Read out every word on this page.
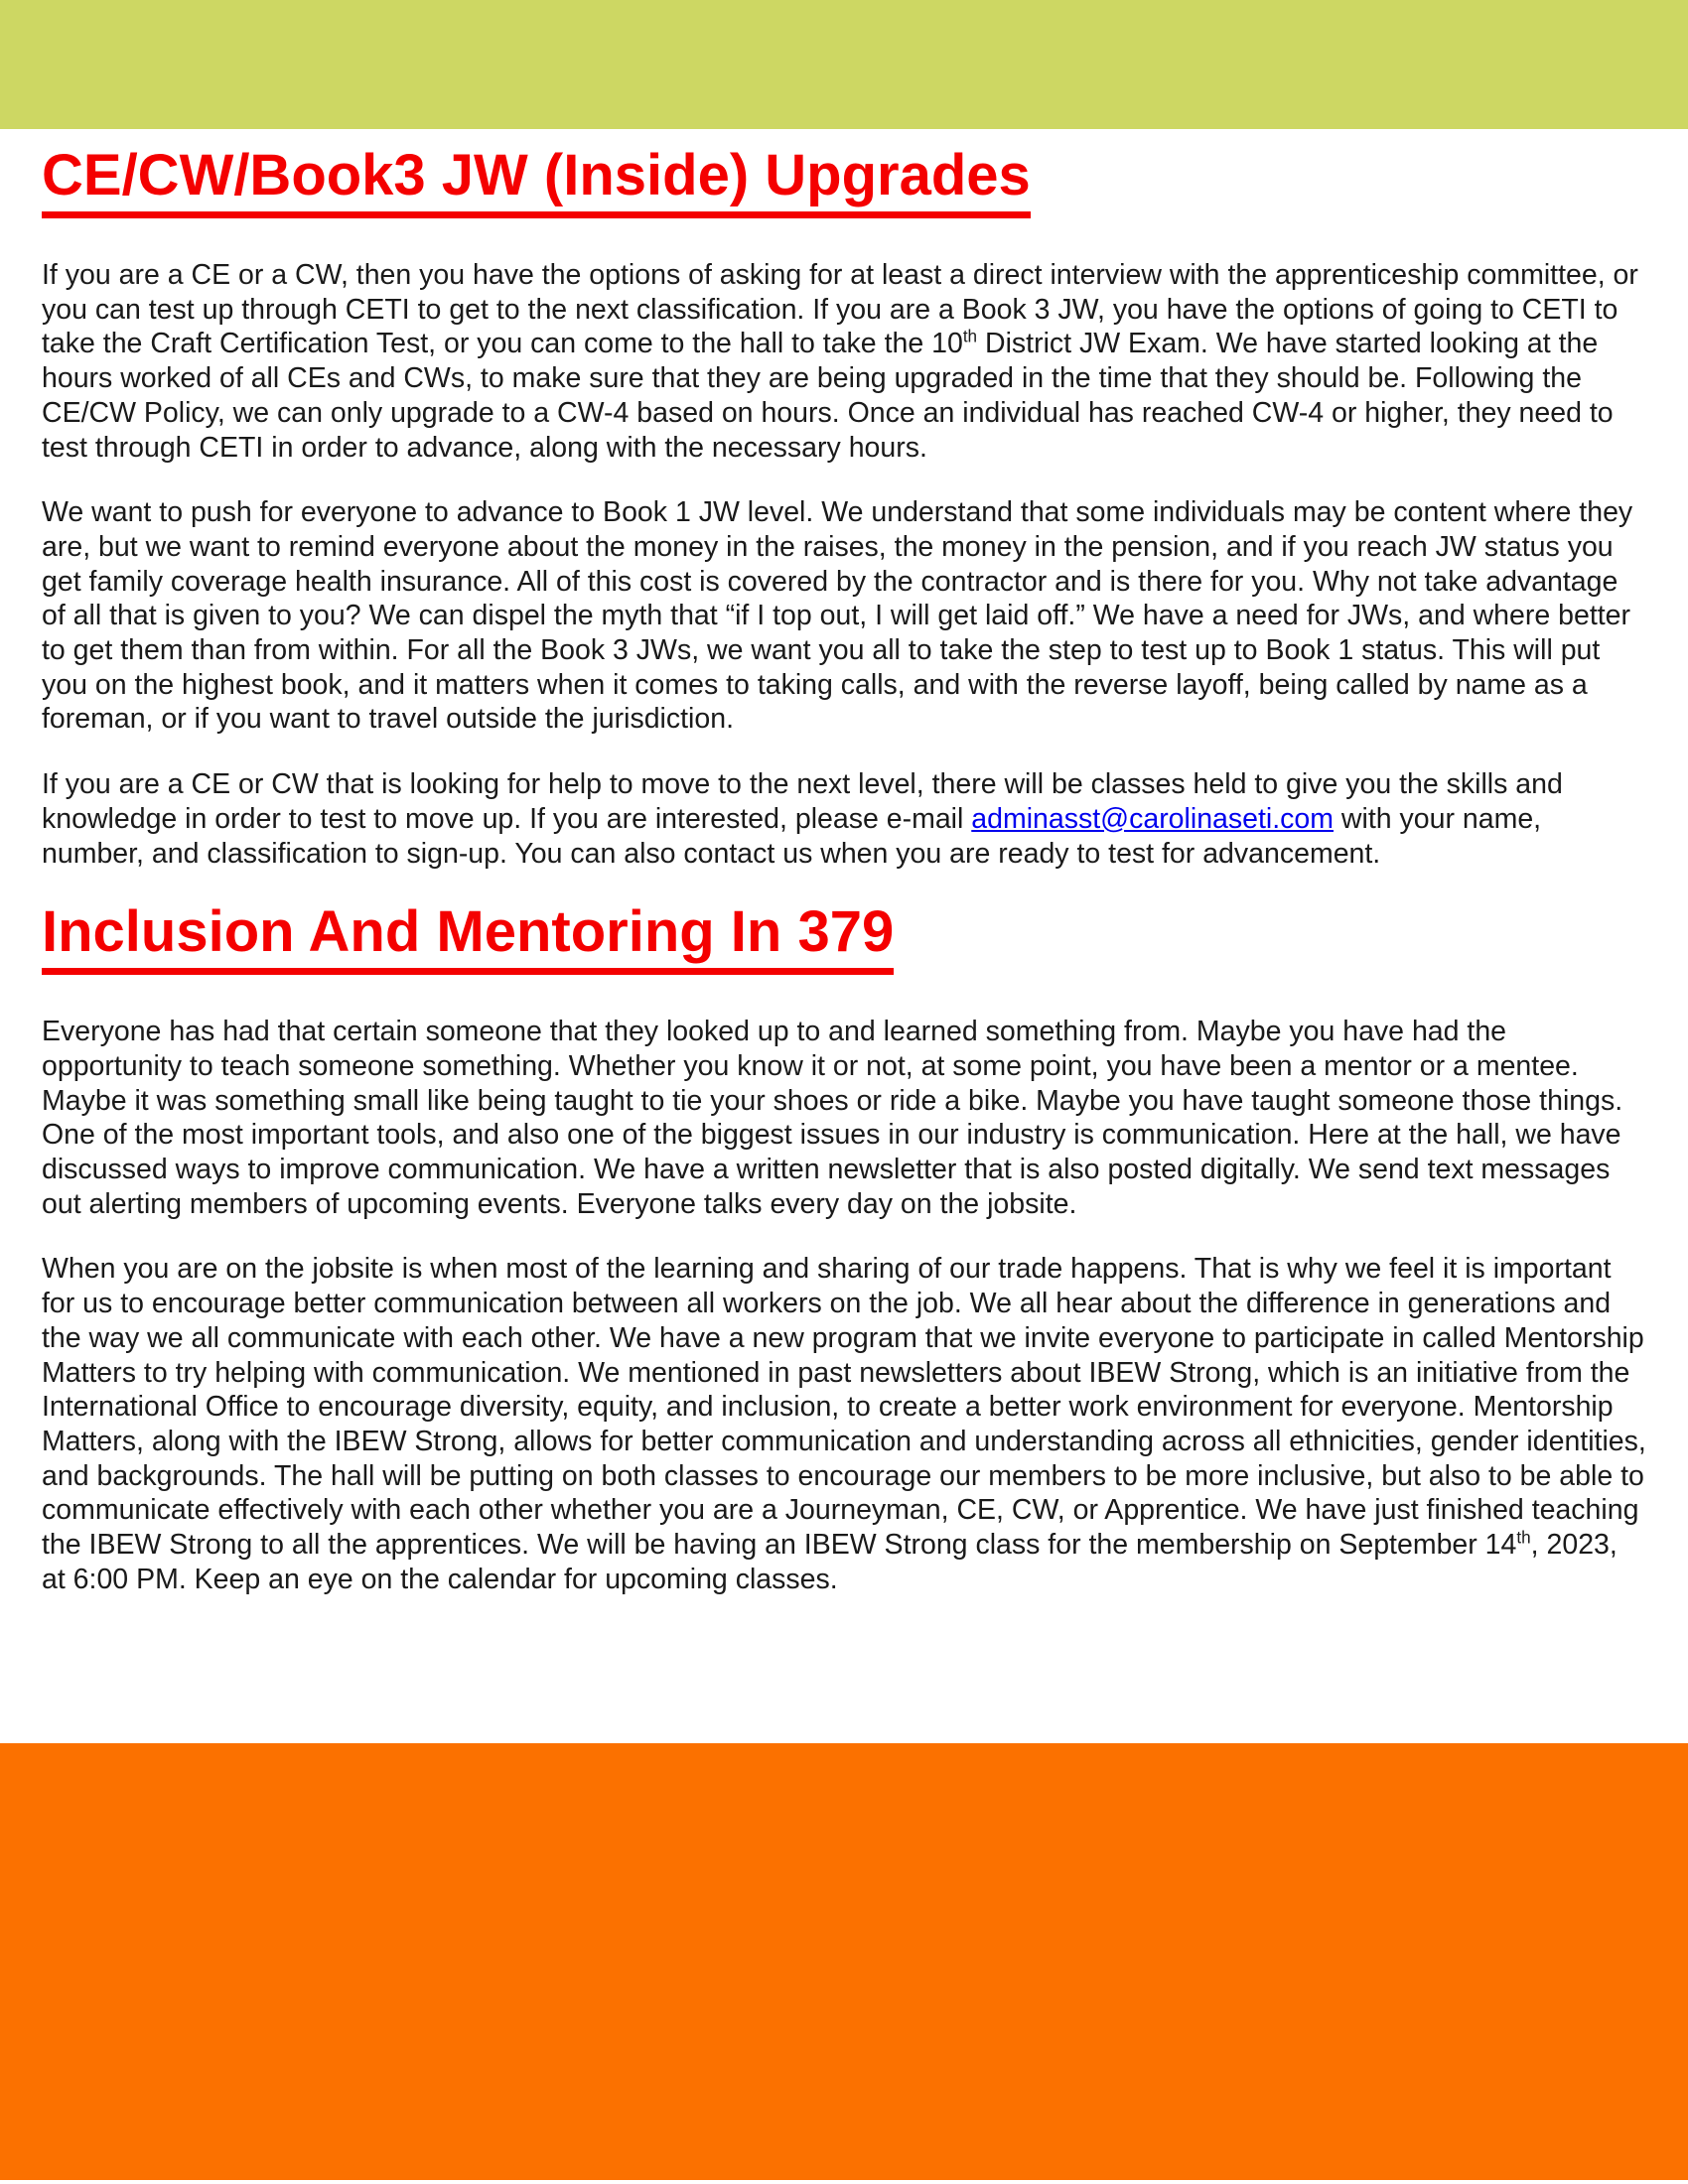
CE/CW/Book3 JW (Inside) Upgrades

If you are a CE or a CW, then you have the options of asking for at least a direct interview with the apprenticeship committee, or you can test up through CETI to get to the next classification. If you are a Book 3 JW, you have the options of going to CETI to take the Craft Certification Test, or you can come to the hall to take the 10th District JW Exam. We have started looking at the hours worked of all CEs and CWs, to make sure that they are being upgraded in the time that they should be. Following the CE/CW Policy, we can only upgrade to a CW-4 based on hours. Once an individual has reached CW-4 or higher, they need to test through CETI in order to advance, along with the necessary hours.

We want to push for everyone to advance to Book 1 JW level. We understand that some individuals may be content where they are, but we want to remind everyone about the money in the raises, the money in the pension, and if you reach JW status you get family coverage health insurance. All of this cost is covered by the contractor and is there for you. Why not take advantage of all that is given to you? We can dispel the myth that “if I top out, I will get laid off.” We have a need for JWs, and where better to get them than from within. For all the Book 3 JWs, we want you all to take the step to test up to Book 1 status. This will put you on the highest book, and it matters when it comes to taking calls, and with the reverse layoff, being called by name as a foreman, or if you want to travel outside the jurisdiction.

If you are a CE or CW that is looking for help to move to the next level, there will be classes held to give you the skills and knowledge in order to test to move up. If you are interested, please e-mail adminasst@carolinaseti.com with your name, number, and classification to sign-up. You can also contact us when you are ready to test for advancement.

Inclusion And Mentoring In 379

Everyone has had that certain someone that they looked up to and learned something from. Maybe you have had the opportunity to teach someone something. Whether you know it or not, at some point, you have been a mentor or a mentee. Maybe it was something small like being taught to tie your shoes or ride a bike. Maybe you have taught someone those things. One of the most important tools, and also one of the biggest issues in our industry is communication. Here at the hall, we have discussed ways to improve communication. We have a written newsletter that is also posted digitally. We send text messages out alerting members of upcoming events. Everyone talks every day on the jobsite.

When you are on the jobsite is when most of the learning and sharing of our trade happens. That is why we feel it is important for us to encourage better communication between all workers on the job. We all hear about the difference in generations and the way we all communicate with each other. We have a new program that we invite everyone to participate in called Mentorship Matters to try helping with communication. We mentioned in past newsletters about IBEW Strong, which is an initiative from the International Office to encourage diversity, equity, and inclusion, to create a better work environment for everyone. Mentorship Matters, along with the IBEW Strong, allows for better communication and understanding across all ethnicities, gender identities, and backgrounds. The hall will be putting on both classes to encourage our members to be more inclusive, but also to be able to communicate effectively with each other whether you are a Journeyman, CE, CW, or Apprentice. We have just finished teaching the IBEW Strong to all the apprentices. We will be having an IBEW Strong class for the membership on September 14th, 2023, at 6:00 PM. Keep an eye on the calendar for upcoming classes.
